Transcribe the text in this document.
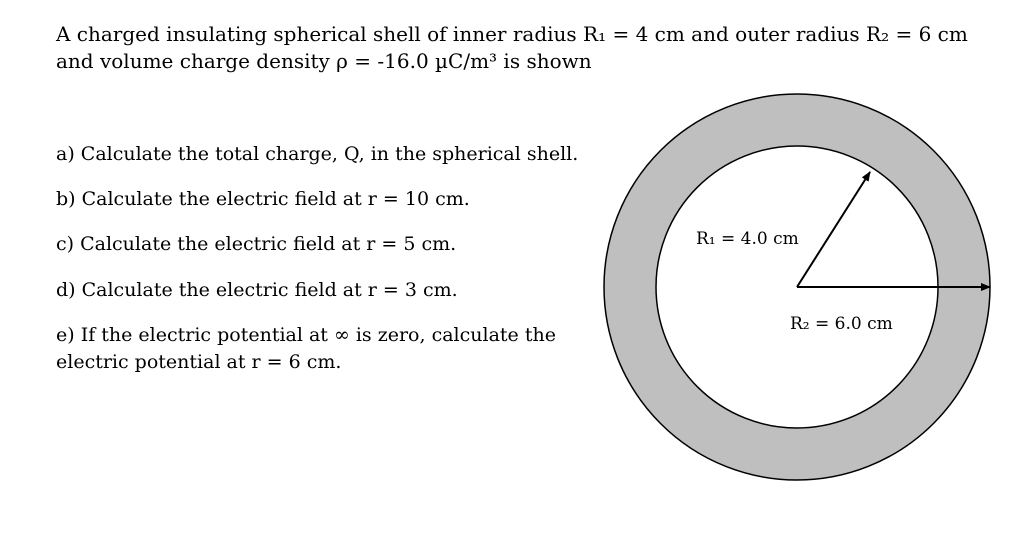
A charged insulating spherical shell of inner radius R₁ = 4 cm and outer radius R₂ = 6 cm
and volume charge density ρ = -16.0 µC/m³ is shown
a) Calculate the total charge, Q, in the spherical shell.
b) Calculate the electric field at r = 10 cm.
c) Calculate the electric field at r = 5 cm.
d) Calculate the electric field at r = 3 cm.
e) If the electric potential at ∞ is zero, calculate the
electric potential at r = 6 cm.
R₁ = 4.0 cm
R₂ = 6.0 cm
